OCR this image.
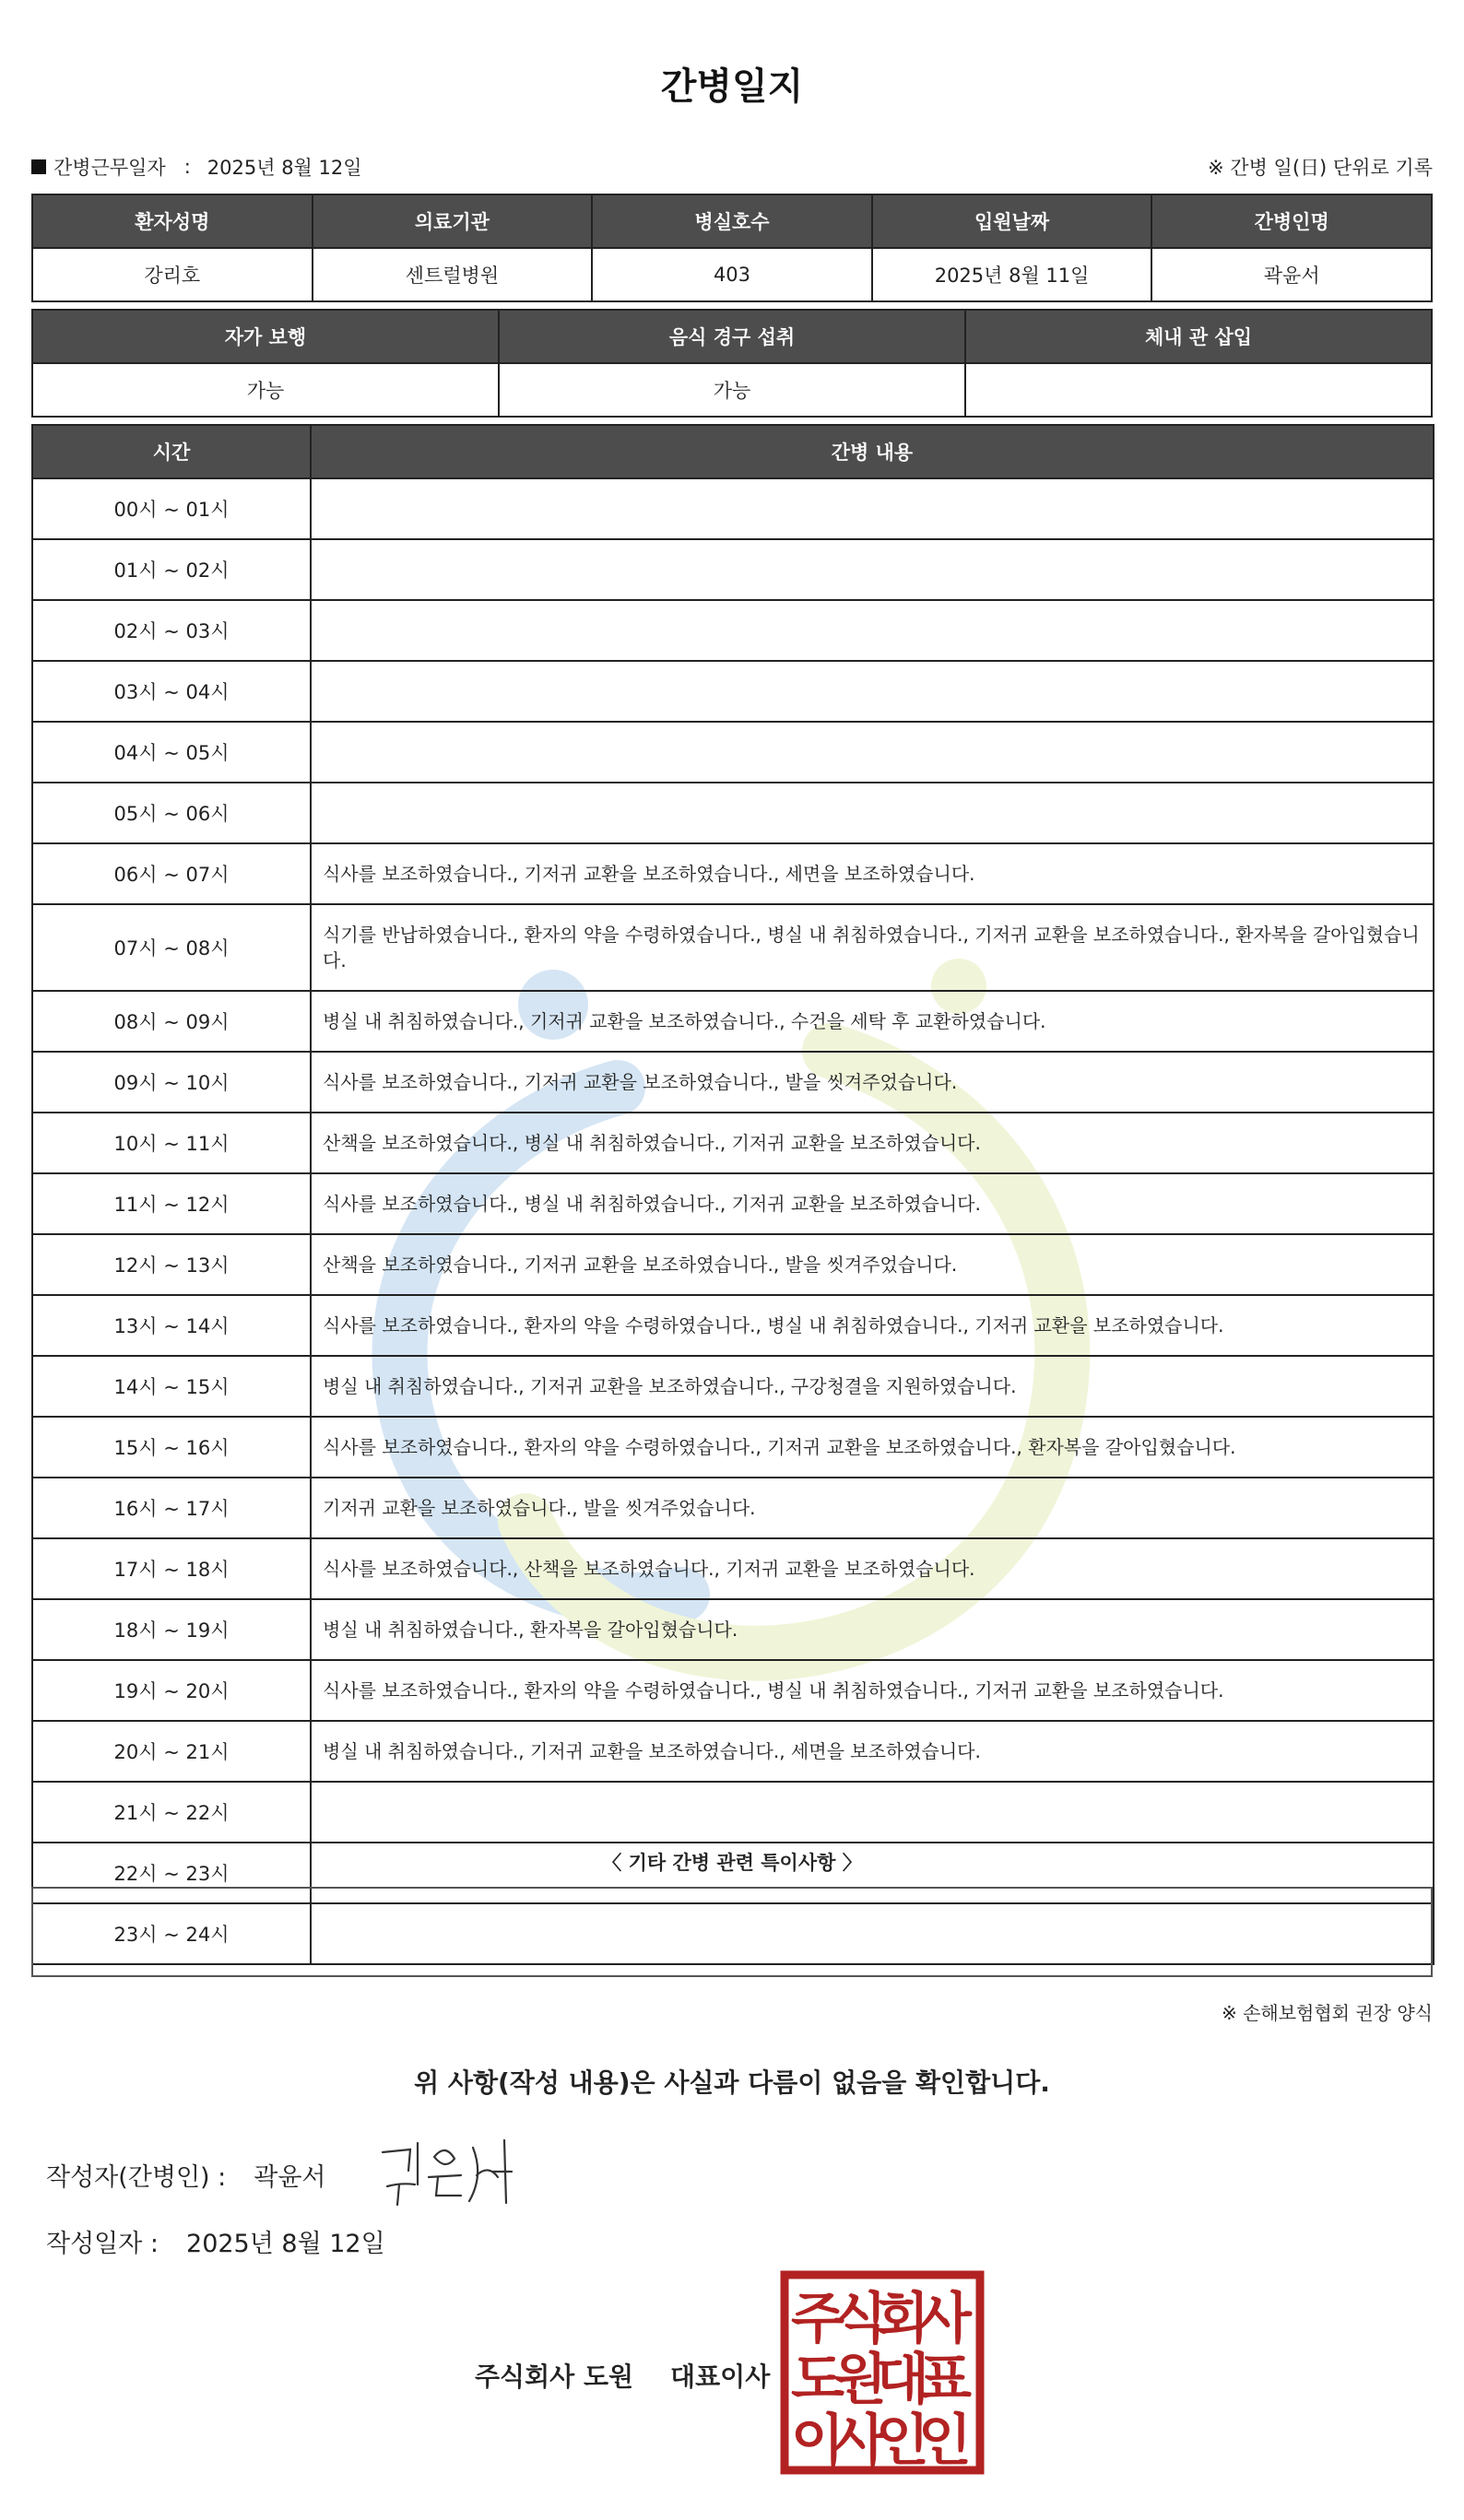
간병일지
간병근무일자 : 2025년 8월 12일	※ 간병 일(日) 단위로 기록
환자성명	의료기관	병실호수	입원날짜	간병인명
강리호	센트럴병원	403	2025년 8월 11일	곽윤서
자가 보행	음식 경구 섭취	체내 관 삽입
가능	가능	
시간	간병 내용
00시 ~ 01시	
01시 ~ 02시	
02시 ~ 03시	
03시 ~ 04시	
04시 ~ 05시	
05시 ~ 06시	
06시 ~ 07시	식사를 보조하였습니다., 기저귀 교환을 보조하였습니다., 세면을 보조하였습니다.
07시 ~ 08시	식기를 반납하였습니다., 환자의 약을 수령하였습니다., 병실 내 취침하였습니다., 기저귀 교환을 보조하였습니다., 환자복을 갈아입혔습니다.
08시 ~ 09시	병실 내 취침하였습니다., 기저귀 교환을 보조하였습니다., 수건을 세탁 후 교환하였습니다.
09시 ~ 10시	식사를 보조하였습니다., 기저귀 교환을 보조하였습니다., 발을 씻겨주었습니다.
10시 ~ 11시	산책을 보조하였습니다., 병실 내 취침하였습니다., 기저귀 교환을 보조하였습니다.
11시 ~ 12시	식사를 보조하였습니다., 병실 내 취침하였습니다., 기저귀 교환을 보조하였습니다.
12시 ~ 13시	산책을 보조하였습니다., 기저귀 교환을 보조하였습니다., 발을 씻겨주었습니다.
13시 ~ 14시	식사를 보조하였습니다., 환자의 약을 수령하였습니다., 병실 내 취침하였습니다., 기저귀 교환을 보조하였습니다.
14시 ~ 15시	병실 내 취침하였습니다., 기저귀 교환을 보조하였습니다., 구강청결을 지원하였습니다.
15시 ~ 16시	식사를 보조하였습니다., 환자의 약을 수령하였습니다., 기저귀 교환을 보조하였습니다., 환자복을 갈아입혔습니다.
16시 ~ 17시	기저귀 교환을 보조하였습니다., 발을 씻겨주었습니다.
17시 ~ 18시	식사를 보조하였습니다., 산책을 보조하였습니다., 기저귀 교환을 보조하였습니다.
18시 ~ 19시	병실 내 취침하였습니다., 환자복을 갈아입혔습니다.
19시 ~ 20시	식사를 보조하였습니다., 환자의 약을 수령하였습니다., 병실 내 취침하였습니다., 기저귀 교환을 보조하였습니다.
20시 ~ 21시	병실 내 취침하였습니다., 기저귀 교환을 보조하였습니다., 세면을 보조하였습니다.
21시 ~ 22시	
22시 ~ 23시	
23시 ~ 24시	
〈 기타 간병 관련 특이사항 〉
※ 손해보험협회 권장 양식
위 사항(작성 내용)은 사실과 다름이 없음을 확인합니다.
작성자(간병인) : 곽윤서
작성일자 : 2025년 8월 12일
주식회사 도원 대표이사
주
식
회
사
도
원
대
표
이
사
인
인
